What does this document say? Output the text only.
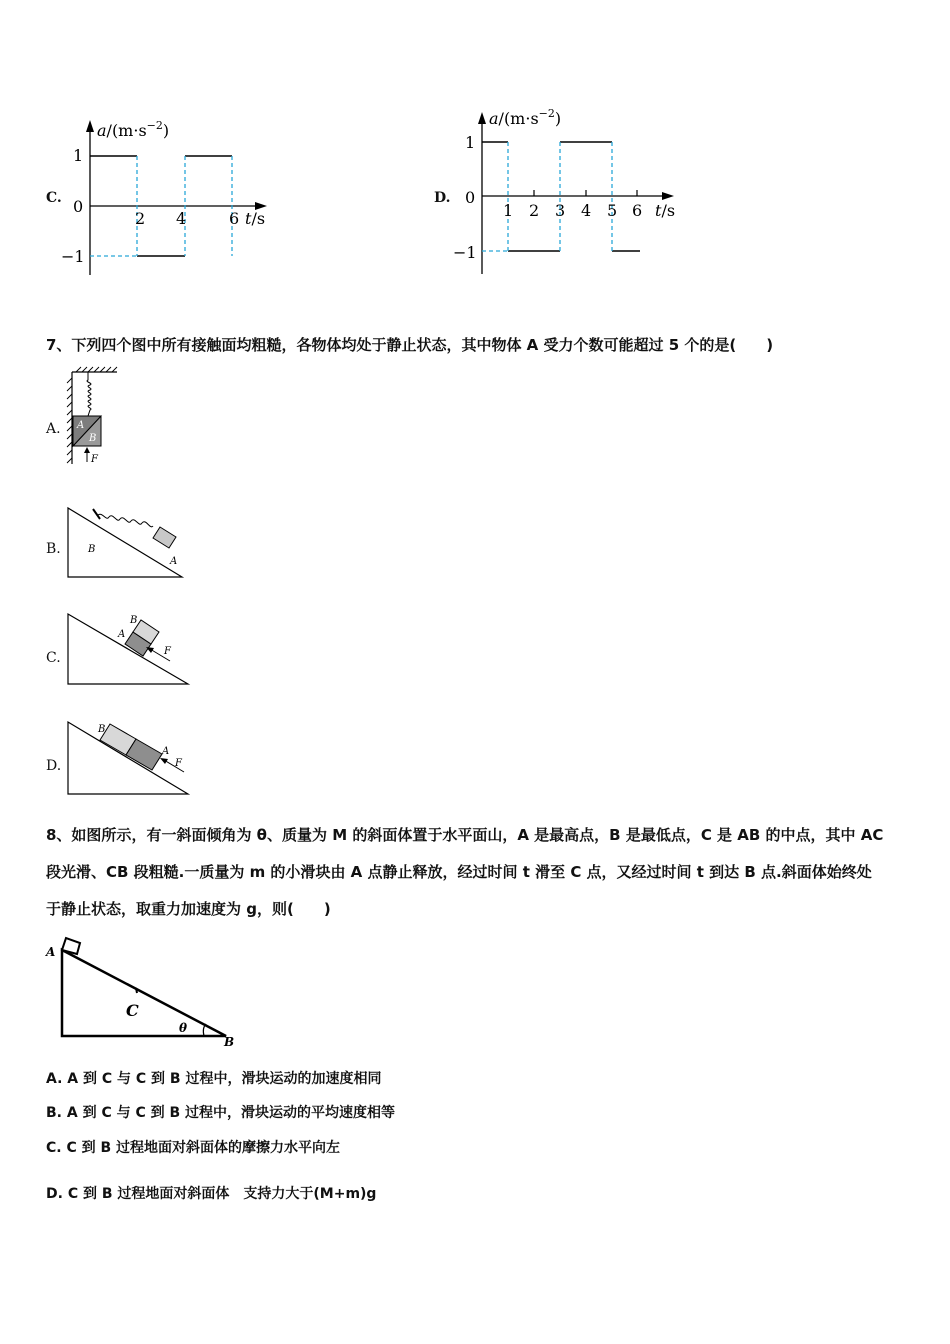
C.
$a/(m\cdot s^{-2})$
1
0
−1
2 4	6 t/s
D.
$a/(m\cdot s^{-2})$
1
0
−1
1 2 3 4 5 6 t/s
7、下列四个图中所有接触面均粗糙，各物体均处于静止状态，其中物体 A 受力个数可能超过 5 个的是(　　)
A. A
B
F
B.
A
B
C.
B
A
F
D.
B
A
F
8、如图所示，有一斜面倾角为 θ、质量为 M 的斜面体置于水平面山，A 是最高点，B 是最低点，C 是 AB 的中点，其中 AC
段光滑、CB 段粗糙.一质量为 m 的小滑块由 A 点静止释放，经过时间 t 滑至 C 点，又经过时间 t 到达 B 点.斜面体始终处
于静止状态，取重力加速度为 g，则(　　)
A
B
C
θ
A. A 到 C 与 C 到 B 过程中，滑块运动的加速度相同
B. A 到 C 与 C 到 B 过程中，滑块运动的平均速度相等
C. C 到 B 过程地面对斜面体的摩擦力水平向左
D. C 到 B 过程地面对斜面体　支持力大于(M+m)g
